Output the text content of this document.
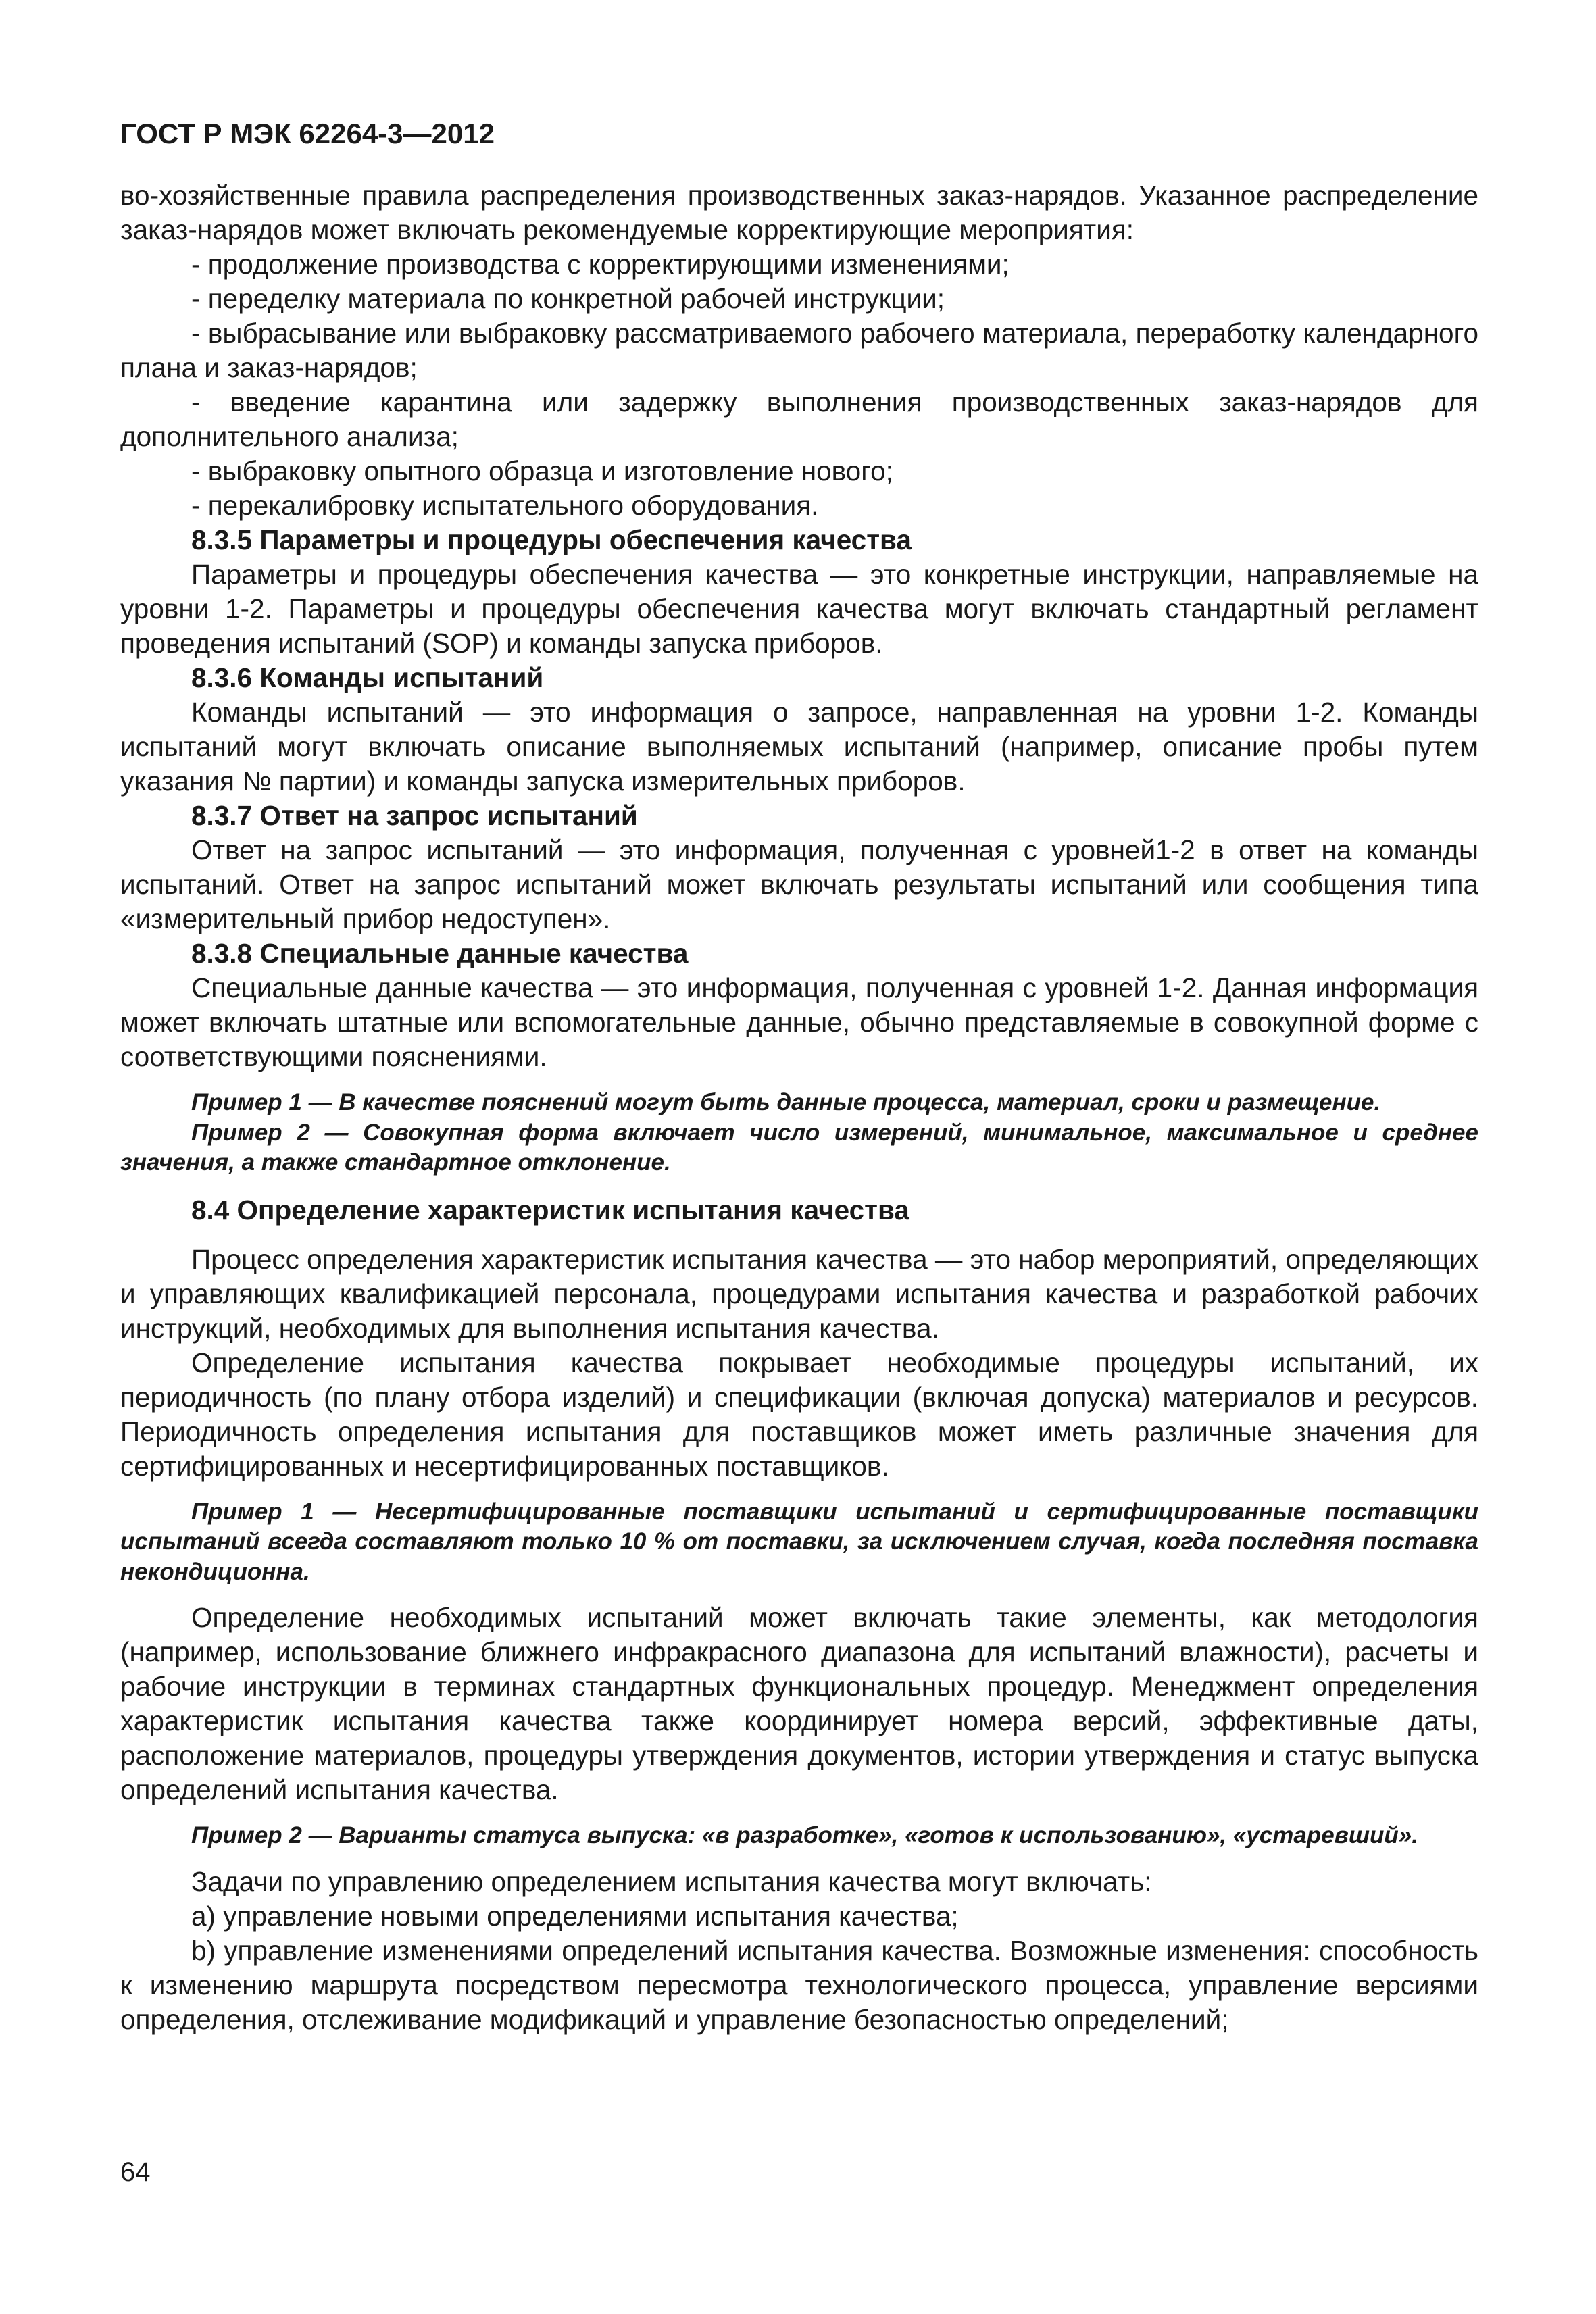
ГОСТ Р МЭК 62264-3—2012

во-хозяйственные правила распределения производственных заказ-нарядов. Указанное распределение заказ-нарядов может включать рекомендуемые корректирующие мероприятия:

- продолжение производства с корректирующими изменениями;

- переделку материала по конкретной рабочей инструкции;

- выбрасывание или выбраковку рассматриваемого рабочего материала, переработку календарного плана и заказ-нарядов;

- введение карантина или задержку выполнения производственных заказ-нарядов для дополнительного анализа;

- выбраковку опытного образца и изготовление нового;

- перекалибровку испытательного оборудования.

8.3.5 Параметры и процедуры обеспечения качества

Параметры и процедуры обеспечения качества — это конкретные инструкции, направляемые на уровни 1-2. Параметры и процедуры обеспечения качества могут включать стандартный регламент проведения испытаний (SOP) и команды запуска приборов.

8.3.6 Команды испытаний

Команды испытаний — это информация о запросе, направленная на уровни 1-2. Команды испытаний могут включать описание выполняемых испытаний (например, описание пробы путем указания № партии) и команды запуска измерительных приборов.

8.3.7 Ответ на запрос испытаний

Ответ на запрос испытаний — это информация, полученная с уровней1-2 в ответ на команды испытаний. Ответ на запрос испытаний может включать результаты испытаний или сообщения типа «измерительный прибор недоступен».

8.3.8 Специальные данные качества

Специальные данные качества — это информация, полученная с уровней 1-2. Данная информация может включать штатные или вспомогательные данные, обычно представляемые в совокупной форме с соответствующими пояснениями.

Пример 1 — В качестве пояснений могут быть данные процесса, материал, сроки и размещение.

Пример 2 — Совокупная форма включает число измерений, минимальное, максимальное и среднее значения, а также стандартное отклонение.

8.4 Определение характеристик испытания качества

Процесс определения характеристик испытания качества — это набор мероприятий, определяющих и управляющих квалификацией персонала, процедурами испытания качества и разработкой рабочих инструкций, необходимых для выполнения испытания качества.

Определение испытания качества покрывает необходимые процедуры испытаний, их периодичность (по плану отбора изделий) и спецификации (включая допуска) материалов и ресурсов. Периодичность определения испытания для поставщиков может иметь различные значения для сертифицированных и несертифицированных поставщиков.

Пример 1 — Несертифицированные поставщики испытаний и сертифицированные поставщики испытаний всегда составляют только 10 % от поставки, за исключением случая, когда последняя поставка некондиционна.

Определение необходимых испытаний может включать такие элементы, как методология (например, использование ближнего инфракрасного диапазона для испытаний влажности), расчеты и рабочие инструкции в терминах стандартных функциональных процедур. Менеджмент определения характеристик испытания качества также координирует номера версий, эффективные даты, расположение материалов, процедуры утверждения документов, истории утверждения и статус выпуска определений испытания качества.

Пример 2 — Варианты статуса выпуска: «в разработке», «готов к использованию», «устаревший».

Задачи по управлению определением испытания качества могут включать:

а) управление новыми определениями испытания качества;

b) управление изменениями определений испытания качества. Возможные изменения: способность к изменению маршрута посредством пересмотра технологического процесса, управление версиями определения, отслеживание модификаций и управление безопасностью определений;

64
